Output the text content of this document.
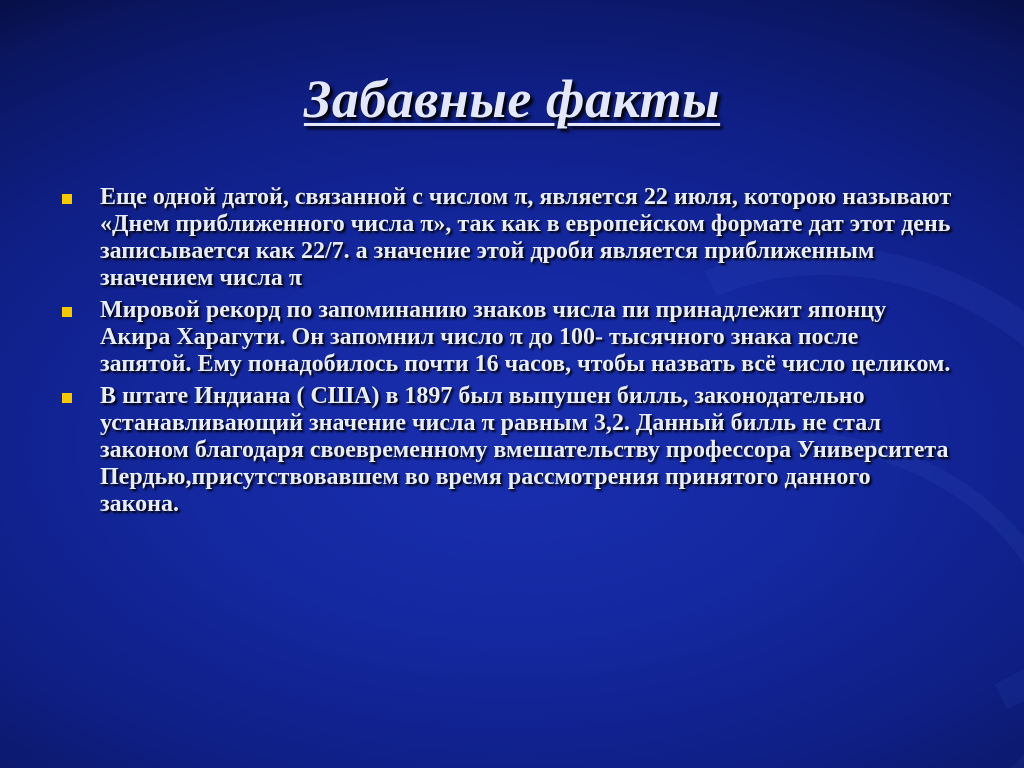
Забавные факты
Еще одной датой, связанной с числом π, является 22 июля, которою называют «Днем приближенного числа π», так как в европейском формате дат этот день записывается как 22/7. а значение этой дроби является приближенным значением числа π
Мировой рекорд по запоминанию знаков числа пи принадлежит японцу Акира Харагути. Он запомнил число π до 100- тысячного знака после запятой. Ему понадобилось почти 16 часов, чтобы назвать всё число целиком.
В штате Индиана ( США) в 1897 был выпушен билль, законодательно устанавливающий значение числа π равным 3,2. Данный билль не стал законом благодаря своевременному вмешательству профессора Университета Пердью,присутствовавшем во время рассмотрения принятого данного закона.
